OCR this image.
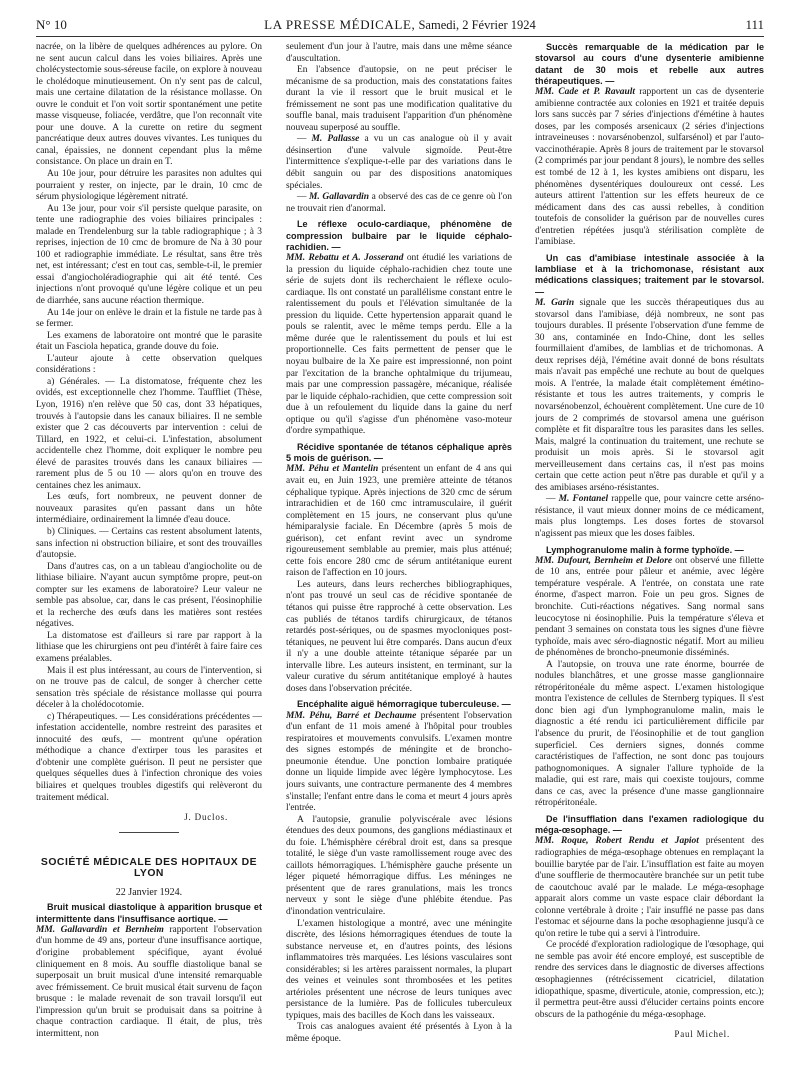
N° 10	LA PRESSE MÉDICALE, Samedi, 2 Février 1924	111

nacrée, on la libère de quelques adhérences au pylore. On ne sent aucun calcul dans les voies biliaires. Après une cholécystectomie sous-séreuse facile, on explore à nouveau le cholédoque minutieusement. On n'y sent pas de calcul, mais une certaine dilatation de la résistance mollasse. On ouvre le conduit et l'on voit sortir spontanément une petite masse visqueuse, foliacée, verdâtre, que l'on reconnaît vite pour une douve. A la curette on retire du segment pancréatique deux autres douves vivantes. Les tuniques du canal, épaissies, ne donnent cependant plus la même consistance. On place un drain en T.

Au 10e jour, pour détruire les parasites non adultes qui pourraient y rester, on injecte, par le drain, 10 cmc de sérum physiologique légèrement nitraté.

Au 13e jour, pour voir s'il persiste quelque parasite, on tente une radiographie des voies biliaires principales : malade en Trendelenburg sur la table radiographique ; à 3 reprises, injection de 10 cmc de bromure de Na à 30 pour 100 et radiographie immédiate. Le résultat, sans être très net, est intéressant; c'est en tout cas, semble-t-il, le premier essai d'angiocholéradiographie qui ait été tenté. Ces injections n'ont provoqué qu'une légère colique et un peu de diarrhée, sans aucune réaction thermique.

Au 14e jour on enlève le drain et la fistule ne tarde pas à se fermer.

Les examens de laboratoire ont montré que le parasite était un Fasciola hepatica, grande douve du foie.

L'auteur ajoute à cette observation quelques considérations :

a) Générales. — La distomatose, fréquente chez les ovidés, est exceptionnelle chez l'homme. Tauffliet (Thèse, Lyon, 1916) n'en relève que 50 cas, dont 33 hépatiques, trouvés à l'autopsie dans les canaux biliaires. Il ne semble exister que 2 cas découverts par intervention : celui de Tillard, en 1922, et celui-ci. L'infestation, absolument accidentelle chez l'homme, doit expliquer le nombre peu élevé de parasites trouvés dans les canaux biliaires — rarement plus de 5 ou 10 — alors qu'on en trouve des centaines chez les animaux.

Les œufs, fort nombreux, ne peuvent donner de nouveaux parasites qu'en passant dans un hôte intermédiaire, ordinairement la limnée d'eau douce.

b) Cliniques. — Certains cas restent absolument latents, sans infection ni obstruction biliaire, et sont des trouvailles d'autopsie.

Dans d'autres cas, on a un tableau d'angiocholite ou de lithiase biliaire. N'ayant aucun symptôme propre, peut-on compter sur les examens de laboratoire? Leur valeur ne semble pas absolue, car, dans le cas présent, l'éosinophilie et la recherche des œufs dans les matières sont restées négatives.

La distomatose est d'ailleurs si rare par rapport à la lithiase que les chirurgiens ont peu d'intérêt à faire faire ces examens préalables.

Mais il est plus intéressant, au cours de l'intervention, si on ne trouve pas de calcul, de songer à chercher cette sensation très spéciale de résistance mollasse qui pourra déceler à la cholédocotomie.

c) Thérapeutiques. — Les considérations précédentes — infestation accidentelle, nombre restreint des parasites et innocuité des œufs, — montrent qu'une opération méthodique a chance d'extirper tous les parasites et d'obtenir une complète guérison. Il peut ne persister que quelques séquelles dues à l'infection chronique des voies biliaires et quelques troubles digestifs qui relèveront du traitement médical.

J. Duclos.
SOCIÉTÉ MÉDICALE DES HOPITAUX DE LYON
22 Janvier 1924.
Bruit musical diastolique à apparition brusque et intermittente dans l'insuffisance aortique. —

MM. Gallavardin et Bernheim rapportent l'observation d'un homme de 49 ans, porteur d'une insuffisance aortique, d'origine probablement spécifique, ayant évolué cliniquement en 8 mois. Au souffle diastolique banal se superposait un bruit musical d'une intensité remarquable avec frémissement. Ce bruit musical était survenu de façon brusque : le malade revenait de son travail lorsqu'il eut l'impression qu'un bruit se produisait dans sa poitrine à chaque contraction cardiaque. Il était, de plus, très intermittent, non

seulement d'un jour à l'autre, mais dans une même séance d'auscultation.

En l'absence d'autopsie, on ne peut préciser le mécanisme de sa production, mais des constatations faites durant la vie il ressort que le bruit musical et le frémissement ne sont pas une modification qualitative du souffle banal, mais traduisent l'apparition d'un phénomène nouveau superposé au souffle.

— M. Pallasse a vu un cas analogue où il y avait désinsertion d'une valvule sigmoïde. Peut-être l'intermittence s'explique-t-elle par des variations dans le débit sanguin ou par des dispositions anatomiques spéciales.

— M. Gallavardin a observé des cas de ce genre où l'on ne trouvait rien d'anormal.

Le réflexe oculo-cardiaque, phénomène de compression bulbaire par le liquide céphalo-rachidien. —

MM. Rebattu et A. Josserand ont étudié les variations de la pression du liquide céphalo-rachidien chez toute une série de sujets dont ils recherchaient le réflexe oculo-cardiaque. Ils ont constaté un parallélisme constant entre le ralentissement du pouls et l'élévation simultanée de la pression du liquide. Cette hypertension apparait quand le pouls se ralentit, avec le même temps perdu. Elle a la même durée que le ralentissement du pouls et lui est proportionnelle. Ces faits permettent de penser que le noyau bulbaire de la Xe paire est impressionné, non point par l'excitation de la branche ophtalmique du trijumeau, mais par une compression passagère, mécanique, réalisée par le liquide céphalo-rachidien, que cette compression soit due à un refoulement du liquide dans la gaine du nerf optique ou qu'il s'agisse d'un phénomène vaso-moteur d'ordre sympathique.

Récidive spontanée de tétanos céphalique après 5 mois de guérison. —

MM. Péhu et Mantelin présentent un enfant de 4 ans qui avait eu, en Juin 1923, une première atteinte de tétanos céphalique typique. Après injections de 320 cmc de sérum intrarachidien et de 160 cmc intramusculaire, il guérit complètement en 15 jours, ne conservant plus qu'une hémiparalysie faciale. En Décembre (après 5 mois de guérison), cet enfant revint avec un syndrome rigoureusement semblable au premier, mais plus atténué; cette fois encore 280 cmc de sérum antitétanique eurent raison de l'affection en 10 jours.

Les auteurs, dans leurs recherches bibliographiques, n'ont pas trouvé un seul cas de récidive spontanée de tétanos qui puisse être rapproché à cette observation. Les cas publiés de tétanos tardifs chirurgicaux, de tétanos retardés post-sériques, ou de spasmes myocloniques post-tétaniques, ne peuvent lui être comparés. Dans aucun d'eux il n'y a une double atteinte tétanique séparée par un intervalle libre. Les auteurs insistent, en terminant, sur la valeur curative du sérum antitétanique employé à hautes doses dans l'observation précitée.

Encéphalite aiguë hémorragique tuberculeuse. —

MM. Péhu, Barré et Dechaume présentent l'observation d'un enfant de 11 mois amené à l'hôpital pour troubles respiratoires et mouvements convulsifs. L'examen montre des signes estompés de méningite et de broncho-pneumonie étendue. Une ponction lombaire pratiquée donne un liquide limpide avec légère lymphocytose. Les jours suivants, une contracture permanente des 4 membres s'installe; l'enfant entre dans le coma et meurt 4 jours après l'entrée.

A l'autopsie, granulie polyviscérale avec lésions étendues des deux poumons, des ganglions médiastinaux et du foie. L'hémisphère cérébral droit est, dans sa presque totalité, le siège d'un vaste ramollissement rouge avec des caillots hémorragiques. L'hémisphère gauche présente un léger piqueté hémorragique diffus. Les méninges ne présentent que de rares granulations, mais les troncs nerveux y sont le siège d'une phlébite étendue. Pas d'inondation ventriculaire.

L'examen histologique a montré, avec une méningite discrète, des lésions hémorragiques étendues de toute la substance nerveuse et, en d'autres points, des lésions inflammatoires très marquées. Les lésions vasculaires sont considérables; si les artères paraissent normales, la plupart des veines et veinules sont thrombosées et les petites artérioles présentent une nécrose de leurs tuniques avec persistance de la lumière. Pas de follicules tuberculeux typiques, mais des bacilles de Koch dans les vaisseaux.

Trois cas analogues avaient été présentés à Lyon à la même époque.

Succès remarquable de la médication par le stovarsol au cours d'une dysenterie amibienne datant de 30 mois et rebelle aux autres thérapeutiques. —

MM. Cade et P. Ravault rapportent un cas de dysenterie amibienne contractée aux colonies en 1921 et traitée depuis lors sans succès par 7 séries d'injections d'émétine à hautes doses, par les composés arsenicaux (2 séries d'injections intraveineuses : novarsénobenzol, sulfarsénol) et par l'auto-vaccinothérapie. Après 8 jours de traitement par le stovarsol (2 comprimés par jour pendant 8 jours), le nombre des selles est tombé de 12 à 1, les kystes amibiens ont disparu, les phénomènes dysentériques douloureux ont cessé. Les auteurs attirent l'attention sur les effets heureux de ce médicament dans des cas aussi rebelles, à condition toutefois de consolider la guérison par de nouvelles cures d'entretien répétées jusqu'à stérilisation complète de l'amibiase.

Un cas d'amibiase intestinale associée à la lambliase et à la trichomonase, résistant aux médications classiques; traitement par le stovarsol. —

M. Garin signale que les succès thérapeutiques dus au stovarsol dans l'amibiase, déjà nombreux, ne sont pas toujours durables. Il présente l'observation d'une femme de 30 ans, contaminée en Indo-Chine, dont les selles fourmillaient d'amibes, de lamblias et de trichomonas. A deux reprises déjà, l'émétine avait donné de bons résultats mais n'avait pas empêché une rechute au bout de quelques mois. A l'entrée, la malade était complètement émétino-résistante et tous les autres traitements, y compris le novarsénobenzol, échouèrent complètement. Une cure de 10 jours de 2 comprimés de stovarsol amena une guérison complète et fit disparaître tous les parasites dans les selles. Mais, malgré la continuation du traitement, une rechute se produisit un mois après. Si le stovarsol agit merveilleusement dans certains cas, il n'est pas moins certain que cette action peut n'être pas durable et qu'il y a des amibiases arséno-résistantes.

— M. Fontanel rappelle que, pour vaincre cette arséno-résistance, il vaut mieux donner moins de ce médicament, mais plus longtemps. Les doses fortes de stovarsol n'agissent pas mieux que les doses faibles.

Lymphogranulome malin à forme typhoïde. —

MM. Dufourt, Bernheim et Delore ont observé une fillette de 10 ans, entrée pour pâleur et anémie, avec légère température vespérale. A l'entrée, on constata une rate énorme, d'aspect marron. Foie un peu gros. Signes de bronchite. Cuti-réactions négatives. Sang normal sans leucocytose ni éosinophilie. Puis la température s'éleva et pendant 3 semaines on constata tous les signes d'une fièvre typhoïde, mais avec séro-diagnostic négatif. Mort au milieu de phénomènes de broncho-pneumonie disséminés.

A l'autopsie, on trouva une rate énorme, bourrée de nodules blanchâtres, et une grosse masse ganglionnaire rétropéritonéale du même aspect. L'examen histologique montra l'existence de cellules de Sternberg typiques. Il s'est donc bien agi d'un lymphogranulome malin, mais le diagnostic a été rendu ici particulièrement difficile par l'absence du prurit, de l'éosinophilie et de tout ganglion superficiel. Ces derniers signes, donnés comme caractéristiques de l'affection, ne sont donc pas toujours pathognomoniques. A signaler l'allure typhoïde de la maladie, qui est rare, mais qui coexiste toujours, comme dans ce cas, avec la présence d'une masse ganglionnaire rétropéritonéale.

De l'insufflation dans l'examen radiologique du méga-œsophage. —

MM. Roque, Robert Rendu et Japiot présentent des radiographies de méga-œsophage obtenues en remplaçant la bouillie barytée par de l'air. L'insufflation est faite au moyen d'une soufflerie de thermocautère branchée sur un petit tube de caoutchouc avalé par le malade. Le méga-œsophage apparait alors comme un vaste espace clair débordant la colonne vertébrale à droite ; l'air insufflé ne passe pas dans l'estomac et séjourne dans la poche œsophagienne jusqu'à ce qu'on retire le tube qui a servi à l'introduire.

Ce procédé d'exploration radiologique de l'œsophage, qui ne semble pas avoir été encore employé, est susceptible de rendre des services dans le diagnostic de diverses affections œsophagiennes (rétrécissement cicatriciel, dilatation idiopathique, spasme, diverticule, atonie, compression, etc.); il permettra peut-être aussi d'élucider certains points encore obscurs de la pathogénie du méga-œsophage.

Paul Michel.
